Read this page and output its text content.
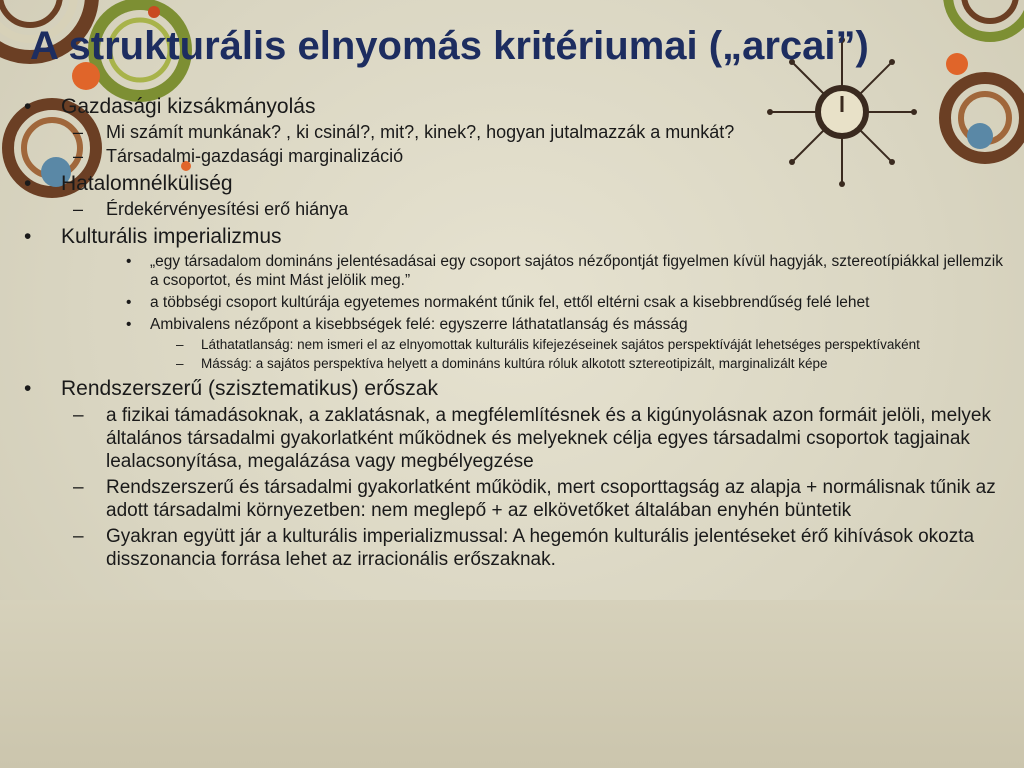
A strukturális elnyomás kritériumai („arcai”)
• Gazdasági kizsákmányolás
– Mi számít munkának? , ki csinál?, mit?, kinek?, hogyan jutalmazzák a munkát?
– Társadalmi-gazdasági marginalizáció
• Hatalomnélküliség
– Érdekérvényesítési erő hiánya
• Kulturális imperializmus
• „egy társadalom domináns jelentésadásai egy csoport sajátos nézőpontját figyelmen kívül hagyják, sztereotípiákkal jellemzik a csoportot, és mint Mást jelölik meg.”
• a többségi csoport kultúrája egyetemes normaként tűnik fel, ettől eltérni csak a kisebbrendűség felé lehet
• Ambivalens nézőpont a kisebbségek felé: egyszerre láthatatlanság és másság
– Láthatatlanság: nem ismeri el az elnyomottak kulturális kifejezéseinek sajátos perspektíváját lehetséges perspektívaként
– Másság: a sajátos perspektíva helyett a domináns kultúra róluk alkotott sztereotipizált, marginalizált képe
• Rendszerszerű (szisztematikus) erőszak
– a fizikai támadásoknak, a zaklatásnak, a megfélemlítésnek és a kigúnyolásnak azon formáit jelöli, melyek általános társadalmi gyakorlatként működnek és melyeknek célja egyes társadalmi csoportok tagjainak lealacsonyítása, megalázása vagy megbélyegzése
– Rendszerszerű és társadalmi gyakorlatként működik, mert csoporttagság az alapja + normálisnak tűnik az adott társadalmi környezetben: nem meglepő + az elkövetőket általában enyhén büntetik
– Gyakran együtt jár a kulturális imperializmussal: A hegemón kulturális jelentéseket érő kihívások okozta disszonancia forrása lehet az irracionális erőszaknak.
